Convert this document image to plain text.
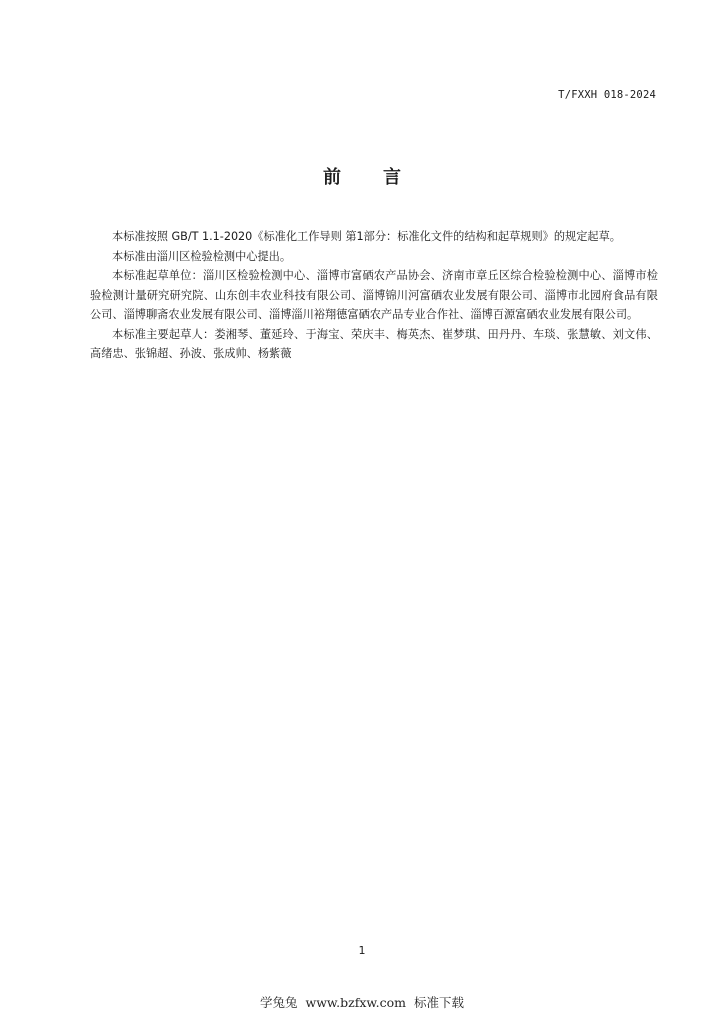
T/FXXH 018-2024
前言

本标准按照 GB/T 1.1-2020《标准化工作导则 第1部分：标准化文件的结构和起草规则》的规定起草。

本标准由淄川区检验检测中心提出。

本标准起草单位：淄川区检验检测中心、淄博市富硒农产品协会、济南市章丘区综合检验检测中心、淄博市检验检测计量研究研究院、山东创丰农业科技有限公司、淄博锦川河富硒农业发展有限公司、淄博市北园府食品有限公司、淄博聊斋农业发展有限公司、淄博淄川裕翔德富硒农产品专业合作社、淄博百源富硒农业发展有限公司。

本标准主要起草人：娄湘琴、董延玲、于海宝、荣庆丰、梅英杰、崔梦琪、田丹丹、车琰、张慧敏、刘文伟、高绪忠、张锦超、孙波、张成帅、杨紫薇

1
学兔兔 www.bzfxw.com 标准下载
